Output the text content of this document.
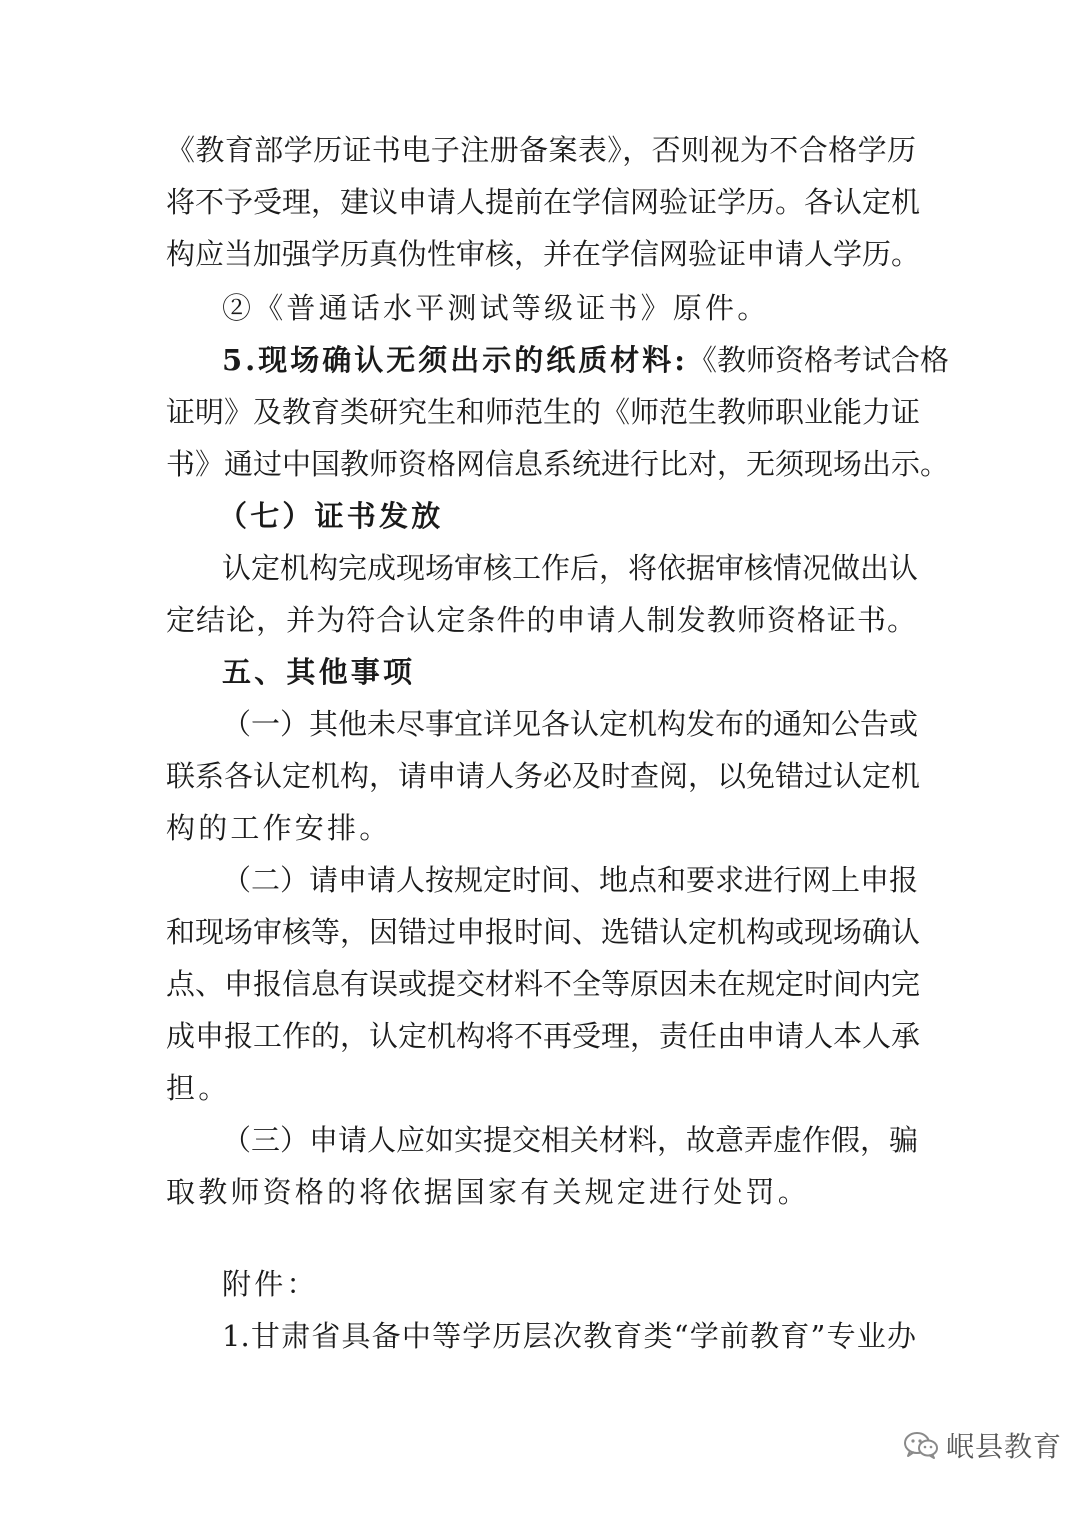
《教育部学历证书电子注册备案表》，否则视为不合格学历
将不予受理，建议申请人提前在学信网验证学历。各认定机
构应当加强学历真伪性审核，并在学信网验证申请人学历。
②《普通话水平测试等级证书》原件。
5.现场确认无须出示的纸质材料:《教师资格考试合格
证明》及教育类研究生和师范生的《师范生教师职业能力证
书》通过中国教师资格网信息系统进行比对，无须现场出示。
（七）证书发放
认定机构完成现场审核工作后，将依据审核情况做出认
定结论，并为符合认定条件的申请人制发教师资格证书。
五、其他事项
（一）其他未尽事宜详见各认定机构发布的通知公告或
联系各认定机构，请申请人务必及时查阅，以免错过认定机
构的工作安排。
（二）请申请人按规定时间、地点和要求进行网上申报
和现场审核等，因错过申报时间、选错认定机构或现场确认
点、申报信息有误或提交材料不全等原因未在规定时间内完
成申报工作的，认定机构将不再受理，责任由申请人本人承
担。
（三）申请人应如实提交相关材料，故意弄虚作假，骗
取教师资格的将依据国家有关规定进行处罚。
附件：
1.甘肃省具备中等学历层次教育类“学前教育”专业办
岷县教育
